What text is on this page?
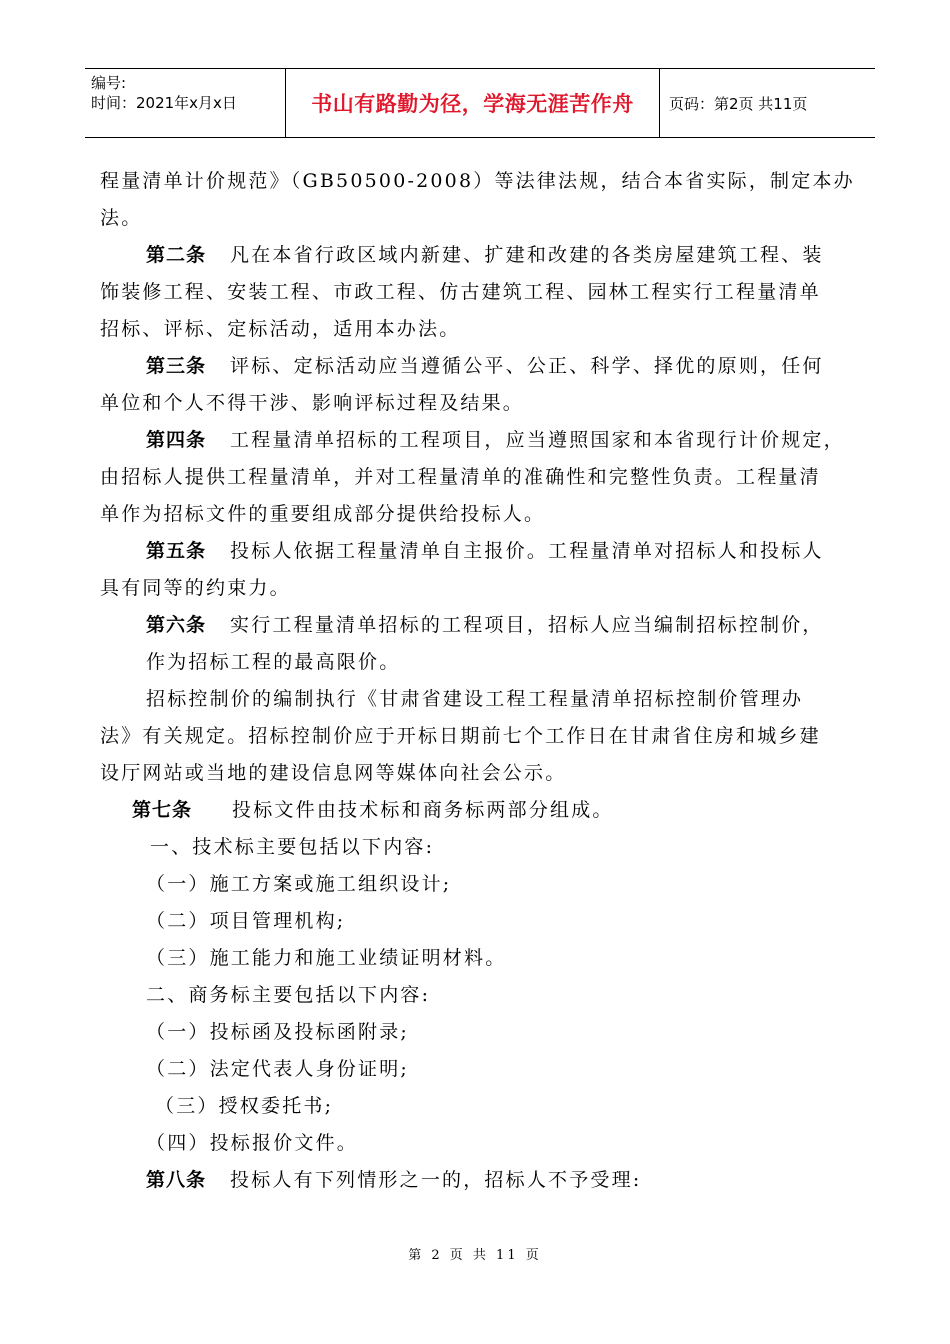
编号:
时间：2021年x月x日	书山有路勤为径，学海无涯苦作舟	页码：第2页 共11页
程量清单计价规范》（GB50500-2008）等法律法规，结合本省实际，制定本办
法。
第二条 凡在本省行政区域内新建、扩建和改建的各类房屋建筑工程、装
饰装修工程、安装工程、市政工程、仿古建筑工程、园林工程实行工程量清单
招标、评标、定标活动，适用本办法。
第三条 评标、定标活动应当遵循公平、公正、科学、择优的原则，任何
单位和个人不得干涉、影响评标过程及结果。
第四条 工程量清单招标的工程项目，应当遵照国家和本省现行计价规定，
由招标人提供工程量清单，并对工程量清单的准确性和完整性负责。工程量清
单作为招标文件的重要组成部分提供给投标人。
第五条 投标人依据工程量清单自主报价。工程量清单对招标人和投标人
具有同等的约束力。
第六条 实行工程量清单招标的工程项目，招标人应当编制招标控制价，
作为招标工程的最高限价。
招标控制价的编制执行《甘肃省建设工程工程量清单招标控制价管理办
法》有关规定。招标控制价应于开标日期前七个工作日在甘肃省住房和城乡建
设厅网站或当地的建设信息网等媒体向社会公示。
第七条 投标文件由技术标和商务标两部分组成。
一、技术标主要包括以下内容:
（一）施工方案或施工组织设计;
（二）项目管理机构;
（三）施工能力和施工业绩证明材料。
二、商务标主要包括以下内容:
（一）投标函及投标函附录;
（二）法定代表人身份证明;
（三）授权委托书;
（四）投标报价文件。
第八条 投标人有下列情形之一的，招标人不予受理:
第 2 页 共 11 页
